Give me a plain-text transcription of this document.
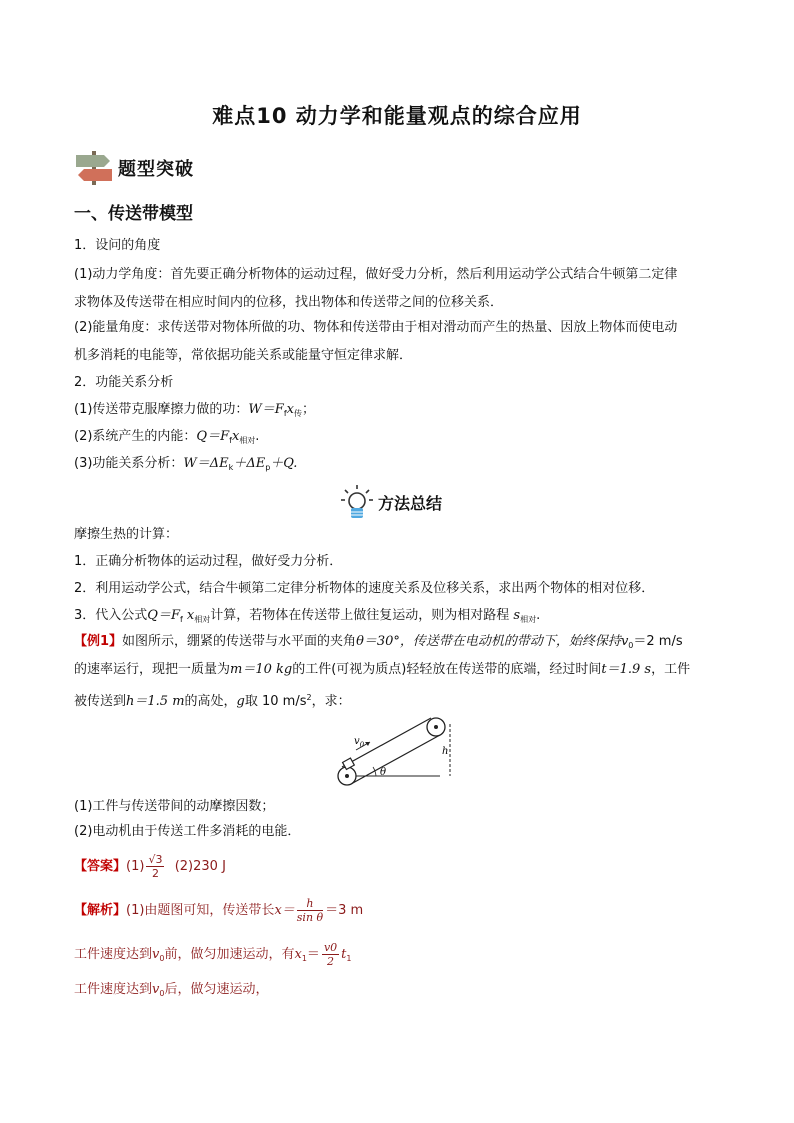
难点10 动力学和能量观点的综合应用
题型突破
一、传送带模型
1．设问的角度
(1)动力学角度：首先要正确分析物体的运动过程，做好受力分析，然后利用运动学公式结合牛顿第二定律
求物体及传送带在相应时间内的位移，找出物体和传送带之间的位移关系．
(2)能量角度：求传送带对物体所做的功、物体和传送带由于相对滑动而产生的热量、因放上物体而使电动
机多消耗的电能等，常依据功能关系或能量守恒定律求解．
2．功能关系分析
(1)传送带克服摩擦力做的功：$W=F_fx_传$；
(2)系统产生的内能：$Q=F_fx_{相对}$.
(3)功能关系分析：$W=\Delta E_k+\Delta E_p+Q$.
方法总结
摩擦生热的计算：
1．正确分析物体的运动过程，做好受力分析．
2．利用运动学公式，结合牛顿第二定律分析物体的速度关系及位移关系，求出两个物体的相对位移．
3．代入公式$Q=F_f$ $x_{相对}$计算，若物体在传送带上做往复运动，则为相对路程 $s_{相对}$.
【例1】如图所示，绷紧的传送带与水平面的夹角θ＝30°，传送带在电动机的带动下，始终保持$v_0=2$ m/s
的速率运行，现把一质量为m＝10 kg的工件(可视为质点)轻轻放在传送带的底端，经过时间t＝1.9 s，工件
被传送到h＝1.5 m的高处，g取 10 $m/s^2$，求：
$v_0$
h
θ
(1)工件与传送带间的动摩擦因数；
(2)电动机由于传送工件多消耗的电能．
【答案】$(1) \frac{√3}{2} (2)230$ J
【解析】(1)由题图可知，传送带长$x= \frac{h}{\text{sin θ}} =3$ m
工件速度达到$v_0$前，做匀加速运动，有$x_1= \frac{v0}{2} t_1$
工件速度达到$v_0$后，做匀速运动，
